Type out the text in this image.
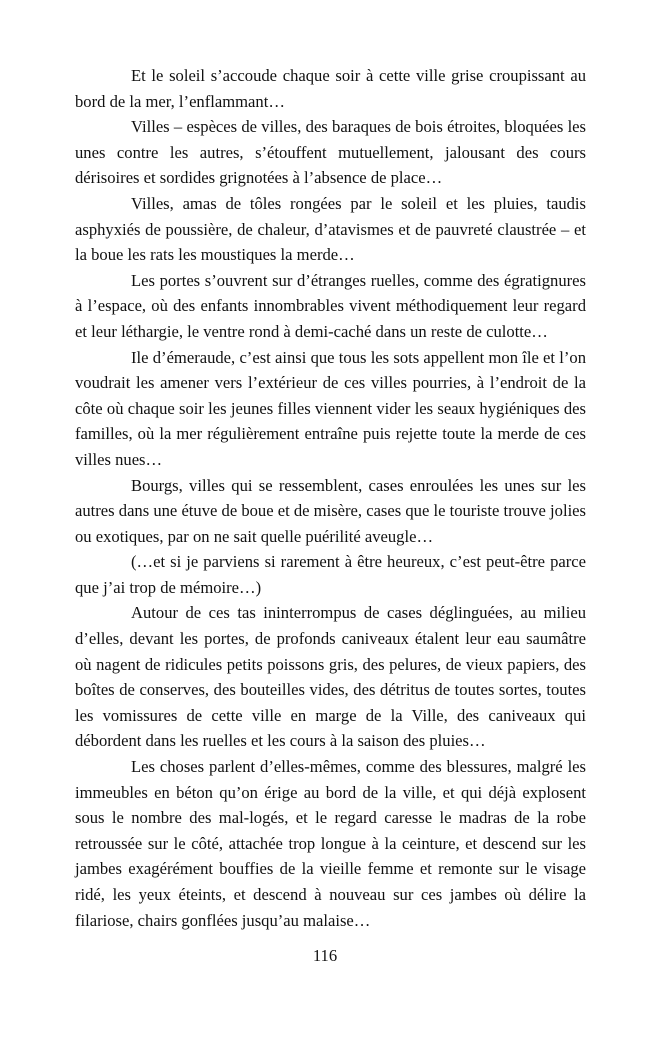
Et le soleil s’accoude chaque soir à cette ville grise croupissant au bord de la mer, l’enflammant…

Villes – espèces de villes, des baraques de bois étroites, bloquées les unes contre les autres, s’étouffent mutuellement, jalousant des cours dérisoires et sordides grignotées à l’absence de place…

Villes, amas de tôles rongées par le soleil et les pluies, taudis asphyxiés de poussière, de chaleur, d’atavismes et de pauvreté claustrée – et la boue les rats les moustiques la merde…

Les portes s’ouvrent sur d’étranges ruelles, comme des égratignures à l’espace, où des enfants innombrables vivent méthodiquement leur regard et leur léthargie, le ventre rond à demi-caché dans un reste de culotte…

Ile d’émeraude, c’est ainsi que tous les sots appellent mon île et l’on voudrait les amener vers l’extérieur de ces villes pourries, à l’endroit de la côte où chaque soir les jeunes filles viennent vider les seaux hygiéniques des familles, où la mer régulièrement entraîne puis rejette toute la merde de ces villes nues…

Bourgs, villes qui se ressemblent, cases enroulées les unes sur les autres dans une étuve de boue et de misère, cases que le touriste trouve jolies ou exotiques, par on ne sait quelle puérilité aveugle…

(…et si je parviens si rarement à être heureux, c’est peut-être parce que j’ai trop de mémoire…)

Autour de ces tas ininterrompus de cases déglinguées, au milieu d’elles, devant les portes, de profonds caniveaux étalent leur eau saumâtre où nagent de ridicules petits poissons gris, des pelures, de vieux papiers, des boîtes de conserves, des bouteilles vides, des détritus de toutes sortes, toutes les vomissures de cette ville en marge de la Ville, des caniveaux qui débordent dans les ruelles et les cours à la saison des pluies…

Les choses parlent d’elles-mêmes, comme des blessures, malgré les immeubles en béton qu’on érige au bord de la ville, et qui déjà explosent sous le nombre des mal-logés, et le regard caresse le madras de la robe retroussée sur le côté, attachée trop longue à la ceinture, et descend sur les jambes exagérément bouffies de la vieille femme et remonte sur le visage ridé, les yeux éteints, et descend à nouveau sur ces jambes où délire la filariose, chairs gonflées jusqu’au malaise…

116
